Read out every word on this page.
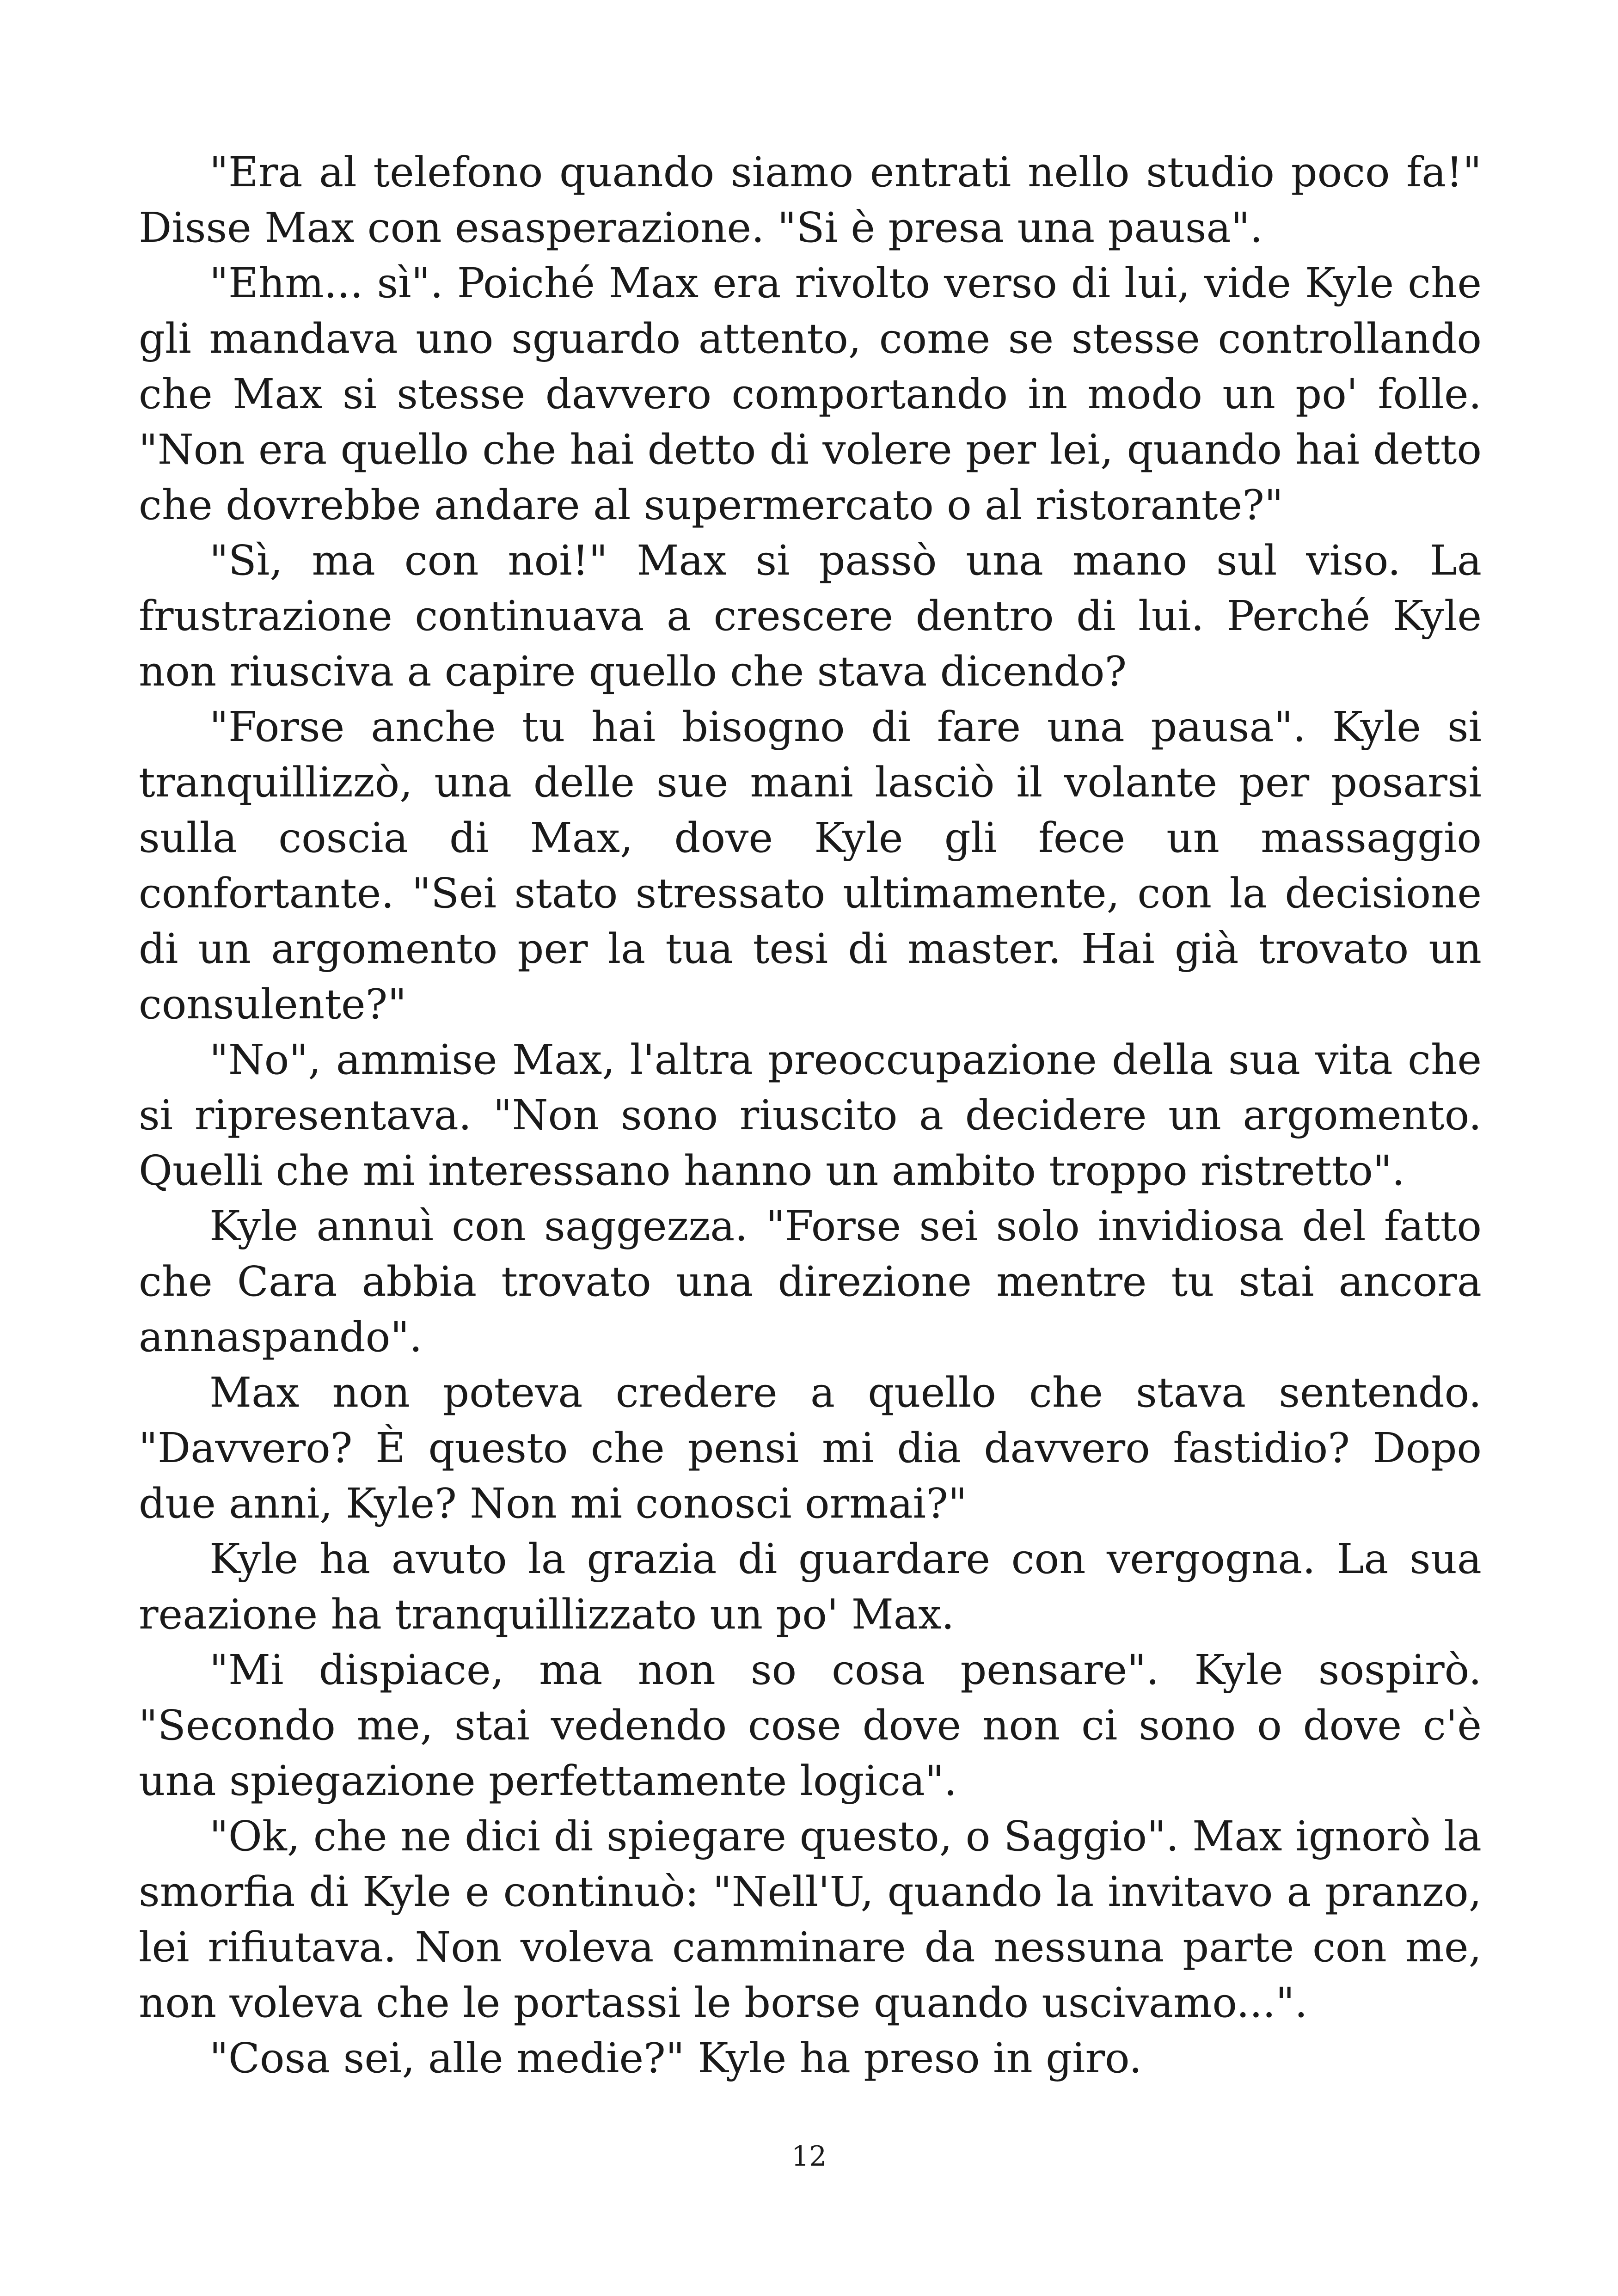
"Era al telefono quando siamo entrati nello studio poco fa!" Disse Max con esasperazione. "Si è presa una pausa".

"Ehm... sì". Poiché Max era rivolto verso di lui, vide Kyle che gli mandava uno sguardo attento, come se stesse controllando che Max si stesse davvero comportando in modo un po' folle. "Non era quello che hai detto di volere per lei, quando hai detto che dovrebbe andare al supermercato o al ristorante?"

"Sì, ma con noi!" Max si passò una mano sul viso. La frustrazione continuava a crescere dentro di lui. Perché Kyle non riusciva a capire quello che stava dicendo?

"Forse anche tu hai bisogno di fare una pausa". Kyle si tranquillizzò, una delle sue mani lasciò il volante per posarsi sulla coscia di Max, dove Kyle gli fece un massaggio confortante. "Sei stato stressato ultimamente, con la decisione di un argomento per la tua tesi di master. Hai già trovato un consulente?"

"No", ammise Max, l'altra preoccupazione della sua vita che si ripresentava. "Non sono riuscito a decidere un argomento. Quelli che mi interessano hanno un ambito troppo ristretto".

Kyle annuì con saggezza. "Forse sei solo invidiosa del fatto che Cara abbia trovato una direzione mentre tu stai ancora annaspando".

Max non poteva credere a quello che stava sentendo. "Davvero? È questo che pensi mi dia davvero fastidio? Dopo due anni, Kyle? Non mi conosci ormai?"

Kyle ha avuto la grazia di guardare con vergogna. La sua reazione ha tranquillizzato un po' Max.

"Mi dispiace, ma non so cosa pensare". Kyle sospirò. "Secondo me, stai vedendo cose dove non ci sono o dove c'è una spiegazione perfettamente logica".

"Ok, che ne dici di spiegare questo, o Saggio". Max ignorò la smorfia di Kyle e continuò: "Nell'U, quando la invitavo a pranzo, lei rifiutava. Non voleva camminare da nessuna parte con me, non voleva che le portassi le borse quando uscivamo...".

"Cosa sei, alle medie?" Kyle ha preso in giro.

12
